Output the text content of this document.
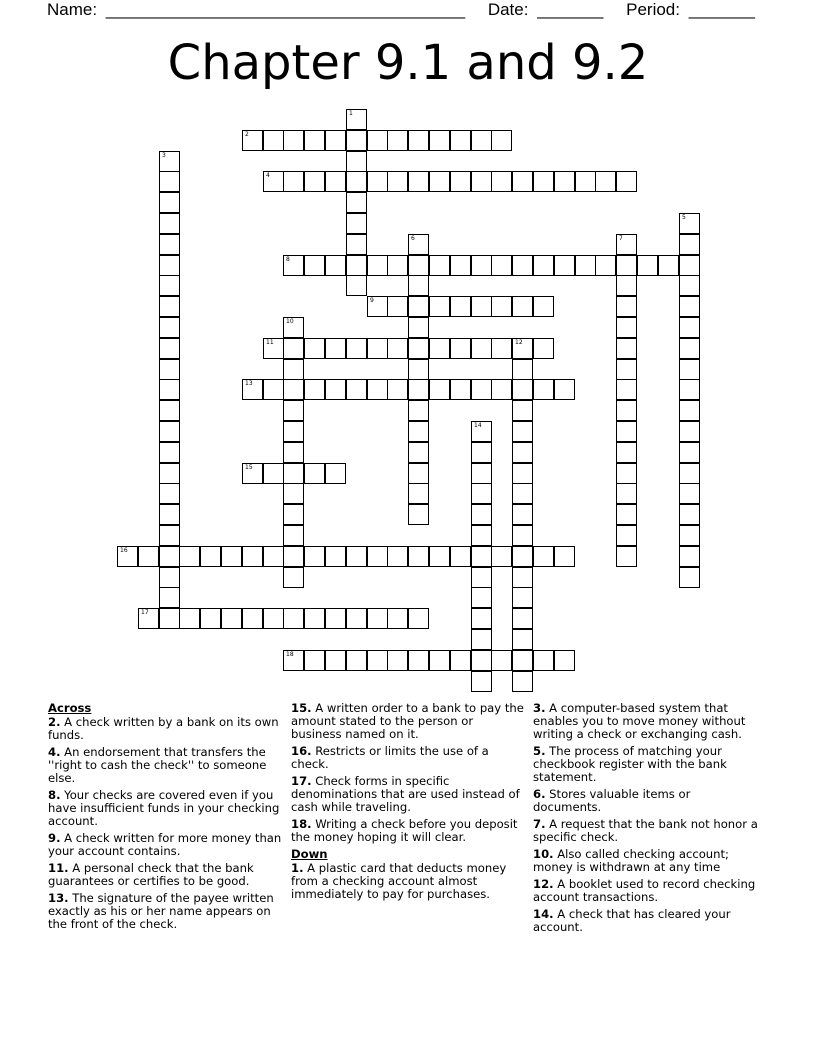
Name: ______________________________________ Date: _______ Period: _______
Chapter 9.1 and 9.2
1
2
3
4
5
6	7
8
9
10
11	12
13
14
15
16
17
18
Across
2. A check written by a bank on its own funds.
4. An endorsement that transfers the ''right to cash the check'' to someone else.
8. Your checks are covered even if you have insufficient funds in your checking account.
9. A check written for more money than your account contains.
11. A personal check that the bank guarantees or certifies to be good.
13. The signature of the payee written exactly as his or her name appears on the front of the check.
15. A written order to a bank to pay the amount stated to the person or business named on it.
16. Restricts or limits the use of a check.
17. Check forms in specific denominations that are used instead of cash while traveling.
18. Writing a check before you deposit the money hoping it will clear.
Down
1. A plastic card that deducts money from a checking account almost immediately to pay for purchases.
3. A computer-based system that enables you to move money without writing a check or exchanging cash.
5. The process of matching your checkbook register with the bank statement.
6. Stores valuable items or documents.
7. A request that the bank not honor a specific check.
10. Also called checking account; money is withdrawn at any time
12. A booklet used to record checking account transactions.
14. A check that has cleared your account.
